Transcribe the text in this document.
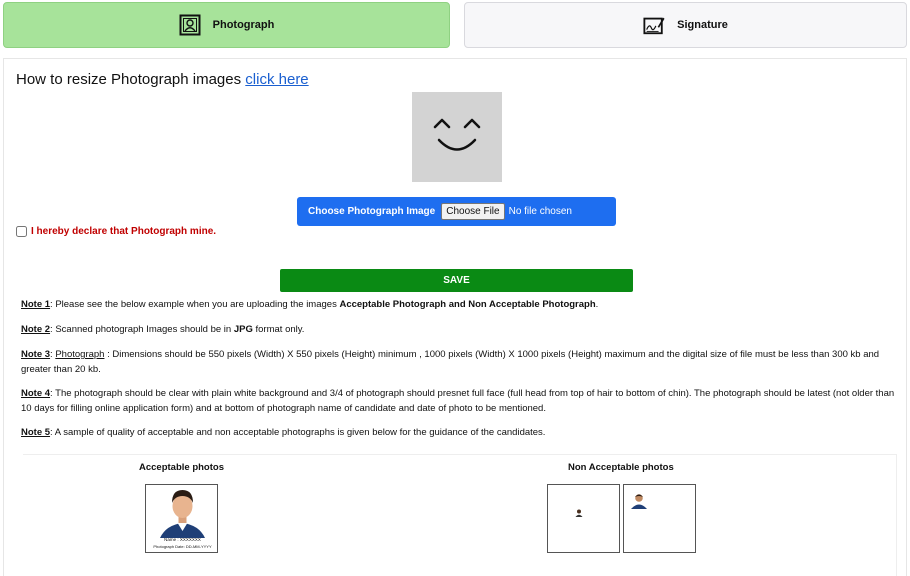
Photograph	Signature
How to resize Photograph images click here
Choose Photograph Image	Choose File No file chosen
I hereby declare that Photograph mine.
SAVE
Note 1: Please see the below example when you are uploading the images Acceptable Photograph and Non Acceptable Photograph.
Note 2: Scanned photograph Images should be in JPG format only.
Note 3: Photograph : Dimensions should be 550 pixels (Width) X 550 pixels (Height) minimum , 1000 pixels (Width) X 1000 pixels (Height) maximum and the digital size of file must be less than 300 kb and greater than 20 kb.
Note 4: The photograph should be clear with plain white background and 3/4 of photograph should presnet full face (full head from top of hair to bottom of chin). The photograph should be latest (not older than 10 days for filling online application form) and at bottom of photograph name of candidate and date of photo to be mentioned.
Note 5: A sample of quality of acceptable and non acceptable photographs is given below for the guidance of the candidates.
Acceptable photos	Non Acceptable photos
Name : XXXXXXX
Photograph Date: DD-MM-YYYY
